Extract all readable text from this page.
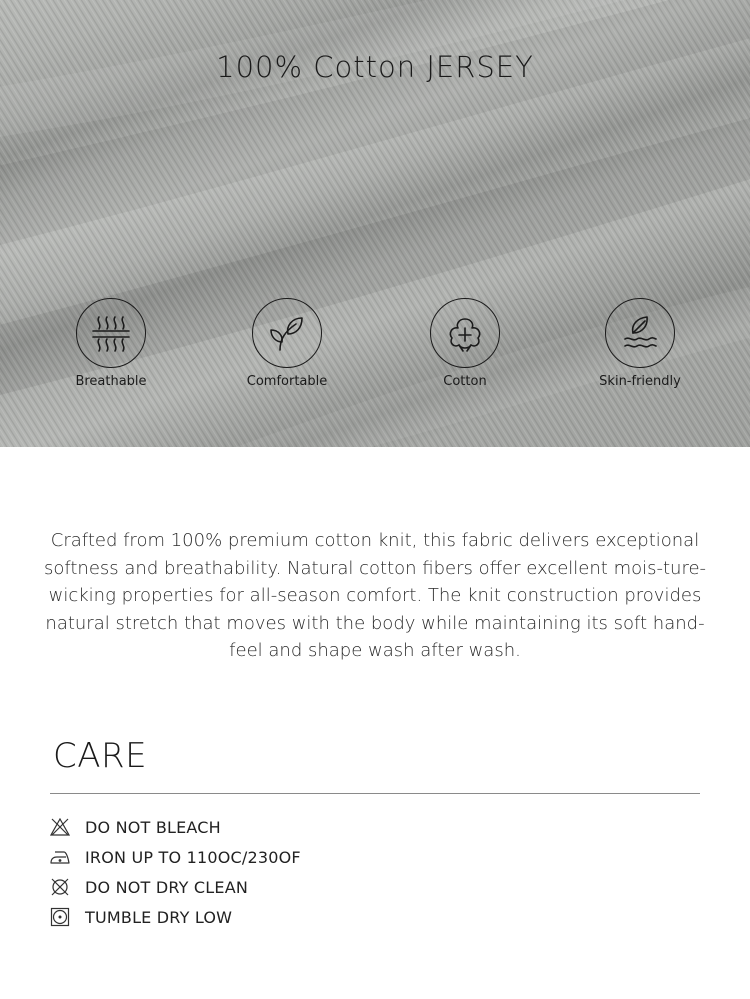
100% Cotton JERSEY
Breathable	Comfortable	Cotton	Skin-friendly

Crafted from 100% premium cotton knit, this fabric delivers exceptional softness and breathability. Natural cotton fibers offer excellent mois-ture-wicking properties for all-season comfort. The knit construction provides natural stretch that moves with the body while maintaining its soft hand-feel and shape wash after wash.

CARE
DO NOT BLEACH
IRON UP TO 110OC/230OF
DO NOT DRY CLEAN
TUMBLE DRY LOW
